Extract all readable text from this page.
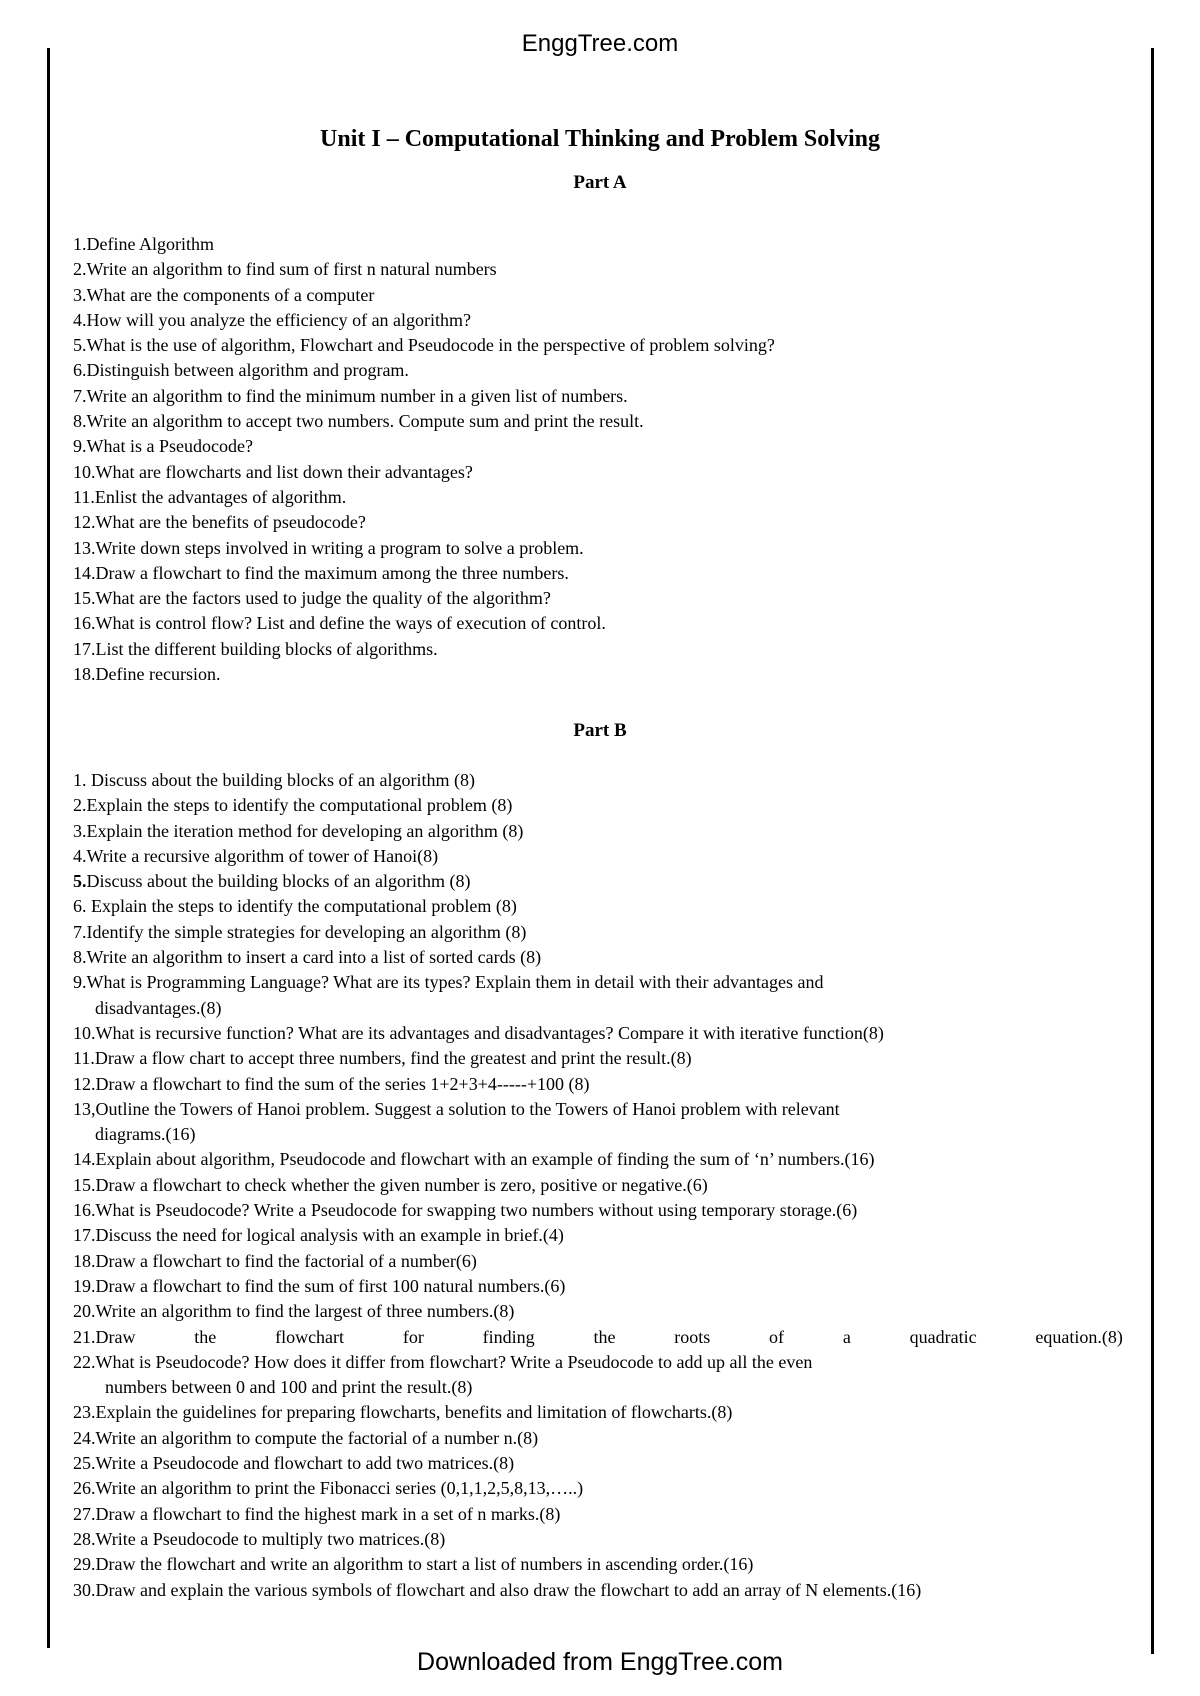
EnggTree.com
Unit I – Computational Thinking and Problem Solving
Part A
1.Define Algorithm
2.Write an algorithm to find sum of first n natural numbers
3.What are the components of a computer
4.How will you analyze the efficiency of an algorithm?
5.What is the use of algorithm, Flowchart and Pseudocode in the perspective of problem solving?
6.Distinguish between algorithm and program.
7.Write an algorithm to find the minimum number in a given list of numbers.
8.Write an algorithm to accept two numbers. Compute sum and print the result.
9.What is a Pseudocode?
10.What are flowcharts and list down their advantages?
11.Enlist the advantages of algorithm.
12.What are the benefits of pseudocode?
13.Write down steps involved in writing a program to solve a problem.
14.Draw a flowchart to find the maximum among the three numbers.
15.What are the factors used to judge the quality of the algorithm?
16.What is control flow? List and define the ways of execution of control.
17.List the different building blocks of algorithms.
18.Define recursion.
Part B
1. Discuss about the building blocks of an algorithm (8)
2.Explain the steps to identify the computational problem (8)
3.Explain the iteration method for developing an algorithm (8)
4.Write a recursive algorithm of tower of Hanoi(8)
5.Discuss about the building blocks of an algorithm (8)
6. Explain the steps to identify the computational problem (8)
7.Identify the simple strategies for developing an algorithm (8)
8.Write an algorithm to insert a card into a list of sorted cards (8)
9.What is Programming Language? What are its types? Explain them in detail with their advantages and
disadvantages.(8)
10.What is recursive function? What are its advantages and disadvantages? Compare it with iterative function(8)
11.Draw a flow chart to accept three numbers, find the greatest and print the result.(8)
12.Draw a flowchart to find the sum of the series 1+2+3+4-----+100 (8)
13,Outline the Towers of Hanoi problem. Suggest a solution to the Towers of Hanoi problem with relevant
diagrams.(16)
14.Explain about algorithm, Pseudocode and flowchart with an example of finding the sum of ‘n’ numbers.(16)
15.Draw a flowchart to check whether the given number is zero, positive or negative.(6)
16.What is Pseudocode? Write a Pseudocode for swapping two numbers without using temporary storage.(6)
17.Discuss the need for logical analysis with an example in brief.(4)
18.Draw a flowchart to find the factorial of a number(6)
19.Draw a flowchart to find the sum of first 100 natural numbers.(6)
20.Write an algorithm to find the largest of three numbers.(8)
21.Draw	the	flowchart	for	finding	the	roots	of	a	quadratic	equation.(8)
22.What is Pseudocode? How does it differ from flowchart? Write a Pseudocode to add up all the even
numbers between 0 and 100 and print the result.(8)
23.Explain the guidelines for preparing flowcharts, benefits and limitation of flowcharts.(8)
24.Write an algorithm to compute the factorial of a number n.(8)
25.Write a Pseudocode and flowchart to add two matrices.(8)
26.Write an algorithm to print the Fibonacci series (0,1,1,2,5,8,13,…..)
27.Draw a flowchart to find the highest mark in a set of n marks.(8)
28.Write a Pseudocode to multiply two matrices.(8)
29.Draw the flowchart and write an algorithm to start a list of numbers in ascending order.(16)
30.Draw and explain the various symbols of flowchart and also draw the flowchart to add an array of N elements.(16)
Downloaded from EnggTree.com
